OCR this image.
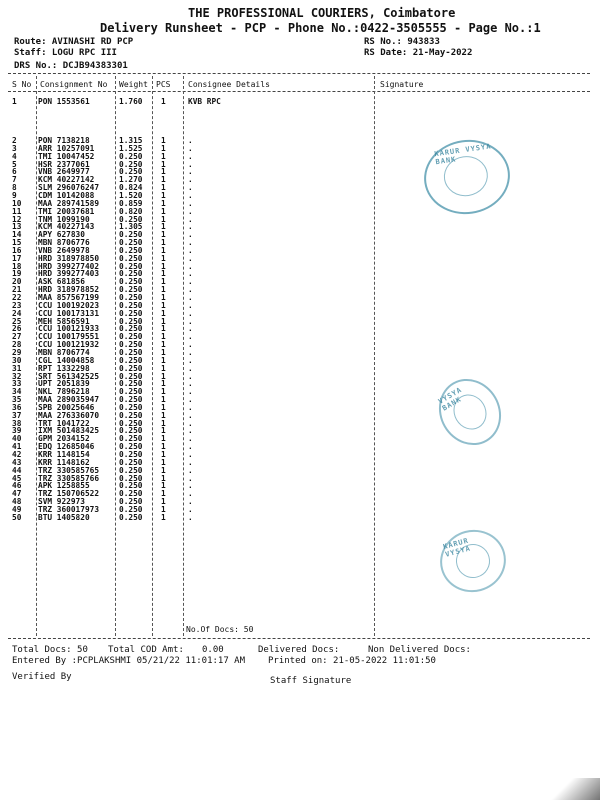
THE PROFESSIONAL COURIERS, Coimbatore
Delivery Runsheet - PCP - Phone No.:0422-3505555 - Page No.:1
Route: AVINASHI RD PCP
Staff: LOGU RPC III
DRS No.: DCJB94383301
RS No.: 943833
RS Date: 21-May-2022
S No Consignment No Weight PCS Consignee Details	Signature
1	PON 1553561	1.760 1	KVB RPC
2	PON 7138218	1.315 1	.
3	ARR 10257091	1.525 1	.
4	TMI 10047452	0.250 1	.
5	HSR 2377061	0.250 1	.
6	VNB 2649977	0.250 1	.
7	KCM 40227142	1.270 1	.
8	SLM 296076247	0.824 1	.
9	CDM 10142088	1.520 1	.
10 MAA 289741589	0.859 1	.
11 TMI 20037681	0.820 1	.
12 TNM 1099190	0.250 1	.
13 KCM 40227143	1.305 1	.
14 APY 627830	0.250 1	.
15 MBN 8706776	0.250 1	.
16 VNB 2649978	0.250 1	.
17 HRD 318978850	0.250 1	.
18 HRD 399277402	0.250 1	.
19 HRD 399277403	0.250 1	.
20 ASK 681856	0.250 1	.
21 HRD 318978852	0.250 1	.
22 MAA 857567199	0.250 1	.
23 CCU 100192023	0.250 1	.
24 CCU 100173131	0.250 1	.
25 MEH 5856591	0.250 1	.
26 CCU 100121933	0.250 1	.
27 CCU 100179551	0.250 1	.
28 CCU 100121932	0.250 1	.
29 MBN 8706774	0.250 1	.
30 CGL 14004858	0.250 1	.
31 RPT 1332298	0.250 1	.
32 SRT 561342525	0.250 1	.
33 UPT 2051839	0.250 1	.
34 NKL 7896218	0.250 1	.
35 MAA 289035947	0.250 1	.
36 SPB 20025646	0.250 1	.
37 MAA 276336070	0.250 1	.
38 TRT 1041722	0.250 1	.
39 IXM 501483425	0.250 1	.
40 GPM 2034152	0.250 1	.
41 EDQ 12685046	0.250 1	.
42 KRR 1148154	0.250 1	.
43 KRR 1148162	0.250 1	.
44 TRZ 330585765	0.250 1	.
45 TRZ 330585766	0.250 1	.
46 APK 1258855	0.250 1	.
47 TRZ 150706522	0.250 1	.
48 SVM 922973	0.250 1	.
49 TRZ 360017973	0.250 1	.
50 BTU 1405820	0.250 1	.
No.Of Docs: 50
Total Docs: 50 Total COD Amt: 0.00	Delivered Docs:	Non Delivered Docs:
Entered By :PCPLAKSHMI 05/21/22 11:01:17 AM	Printed on: 21-05-2022 11:01:50
Verified By	Staff Signature
KARUR VYSYA BANK
VYSYA BANK
KARUR VYSYA
